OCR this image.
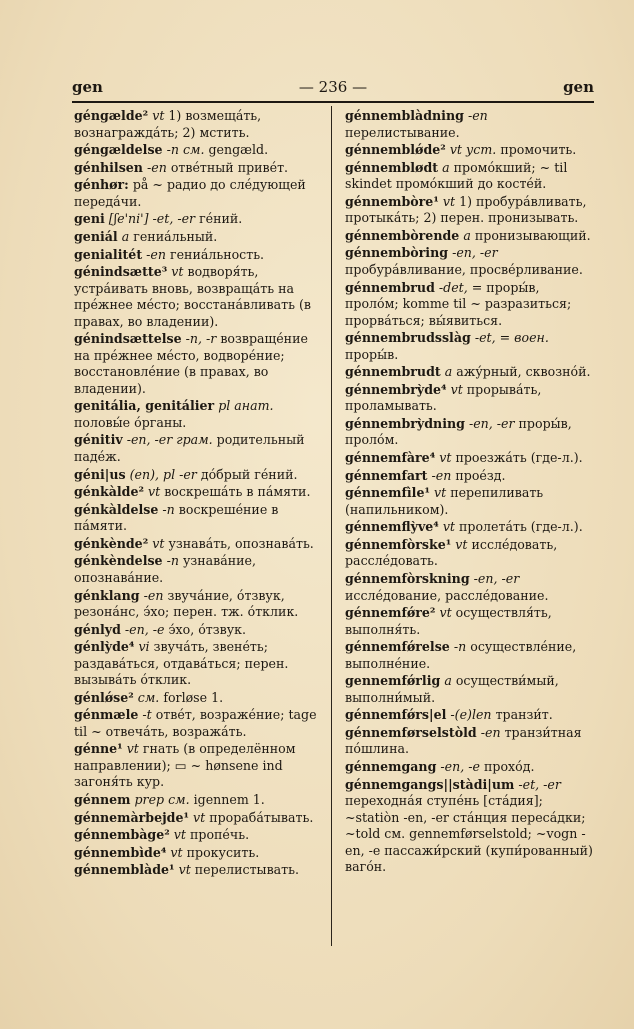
gen	— 236 —	gen
géngældе² vt 1) возмещáть, вознаграждáть; 2) мстить.
géngældelse -n см. gengæld.
génhilsen -en отвéтный привéт.
génhør: på ~ радио до слéдующей передáчи.
geni [ʃe'ni'] -et, -er гéний.
geniál a гениáльный.
genialitét -en гениáльность.
génindsætte³ vt водворя́ть, устрáивать вновь, возвращáть на прéжнее мéсто; восстанáвливать (в правах, во владении).
génindsættelse -n, -r возвращéние на прéжнее мéсто, водворéние; восстановлéние (в правах, во владении).
genitália, genitálier pl анат. половы́е óрганы.
génitiv -en, -er грам. родительный падéж.
géni|us (en), pl -er дóбрый гéний.
génkàlde² vt воскрешáть в пáмяти.
génkàldelse -n воскрешéние в пáмяти.
génkènde² vt узнавáть, опознавáть.
génkèndelse -n узнавáние, опознавáние.
génklang -en звучáние, óтзвук, резонáнс, э́хо; перен. тж. óтклик.
génlyd -en, -e э́хо, óтзвук.
génlỳde⁴ vi звучáть, звенéть; раздавáться, отдавáться; перен. вызывáть óтклик.
génlǿse² см. forløse 1.
génmæle -t отвéт, возражéние; tage til ~ отвечáть, возражáть.
génne¹ vt гнать (в определённом направлении); ▭ ~ hønsene ind загоня́ть кур.
génnem prep см. igennem 1.
génnemàrbejde¹ vt прорабáтывать.
génnembàge² vt пропéчь.
génnembìde⁴ vt прокусить.
génnemblàde¹ vt перелистывать.
génnemblàdning -en перелистывание.
génnemblǿde² vt уст. промочить.
génnemblødt a промóкший; ~ til skindet промóкший до костéй.
génnembòre¹ vt 1) пробурáвливать, протыкáть; 2) перен. пронизывать.
génnembòrende a пронизывающий.
génnembòring -en, -er пробурáвливание, просвéрливание.
génnembrud -det, = проры́в, пролóм; komme til ~ разразиться; прорвáться; вы́явиться.
génnembrudsslàg -et, = воен. проры́в.
génnembrudt a ажу́рный, сквознóй.
génnembrỳde⁴ vt прорывáть, проламывать.
génnembrỳdning -en, -er проры́в, пролóм.
génnemfàre⁴ vt проезжáть (где-л.).
génnemfart -en проéзд.
génnemfìle¹ vt перепиливать (напильником).
génnemflỳve⁴ vt пролетáть (где-л.).
génnemfòrske¹ vt исслéдовать, расслéдовать.
génnemfòrskning -en, -er исслéдование, расслéдование.
génnemfǿre² vt осуществля́ть, выполня́ть.
génnemfǿrelse -n осуществлéние, выполнéние.
gennemfǿrlig a осуществи́мый, выполни́мый.
génnemfǿrs|el -(e)len транзи́т.
génnemførselstòld -en транзи́тная пóшлина.
génnemgang -en, -e прохóд.
génnemgangs||stàdi|um -et, -er переходнáя ступéнь [стáдия]; ~statiòn -en, -er стáнция пересáдки; ~told см. gennemførselstold; ~vogn -en, -e пассажи́рский (купи́рованный) вагóн.
